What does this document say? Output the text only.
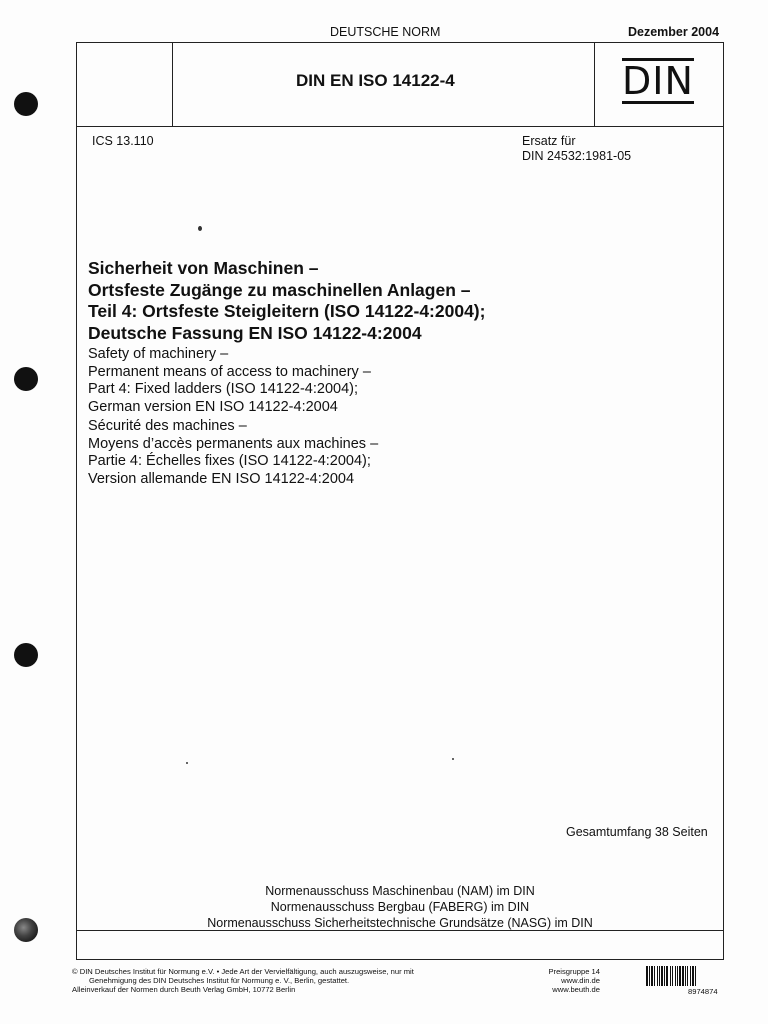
DEUTSCHE NORM	Dezember 2004
DIN EN ISO 14122-4	DIN
ICS 13.110	Ersatz für
DIN 24532:1981-05
Sicherheit von Maschinen –
Ortsfeste Zugänge zu maschinellen Anlagen –
Teil 4: Ortsfeste Steigleitern (ISO 14122-4:2004);
Deutsche Fassung EN ISO 14122-4:2004
Safety of machinery –
Permanent means of access to machinery –
Part 4: Fixed ladders (ISO 14122-4:2004);
German version EN ISO 14122-4:2004
Sécurité des machines –
Moyens d’accès permanents aux machines –
Partie 4: Échelles fixes (ISO 14122-4:2004);
Version allemande EN ISO 14122-4:2004
Gesamtumfang 38 Seiten
Normenausschuss Maschinenbau (NAM) im DIN
Normenausschuss Bergbau (FABERG) im DIN
Normenausschuss Sicherheitstechnische Grundsätze (NASG) im DIN
© DIN Deutsches Institut für Normung e.V. • Jede Art der Vervielfältigung, auch auszugsweise, nur mit
Genehmigung des DIN Deutsches Institut für Normung e. V., Berlin, gestattet.
Alleinverkauf der Normen durch Beuth Verlag GmbH, 10772 Berlin
Preisgruppe 14
www.din.de
www.beuth.de	8974874
